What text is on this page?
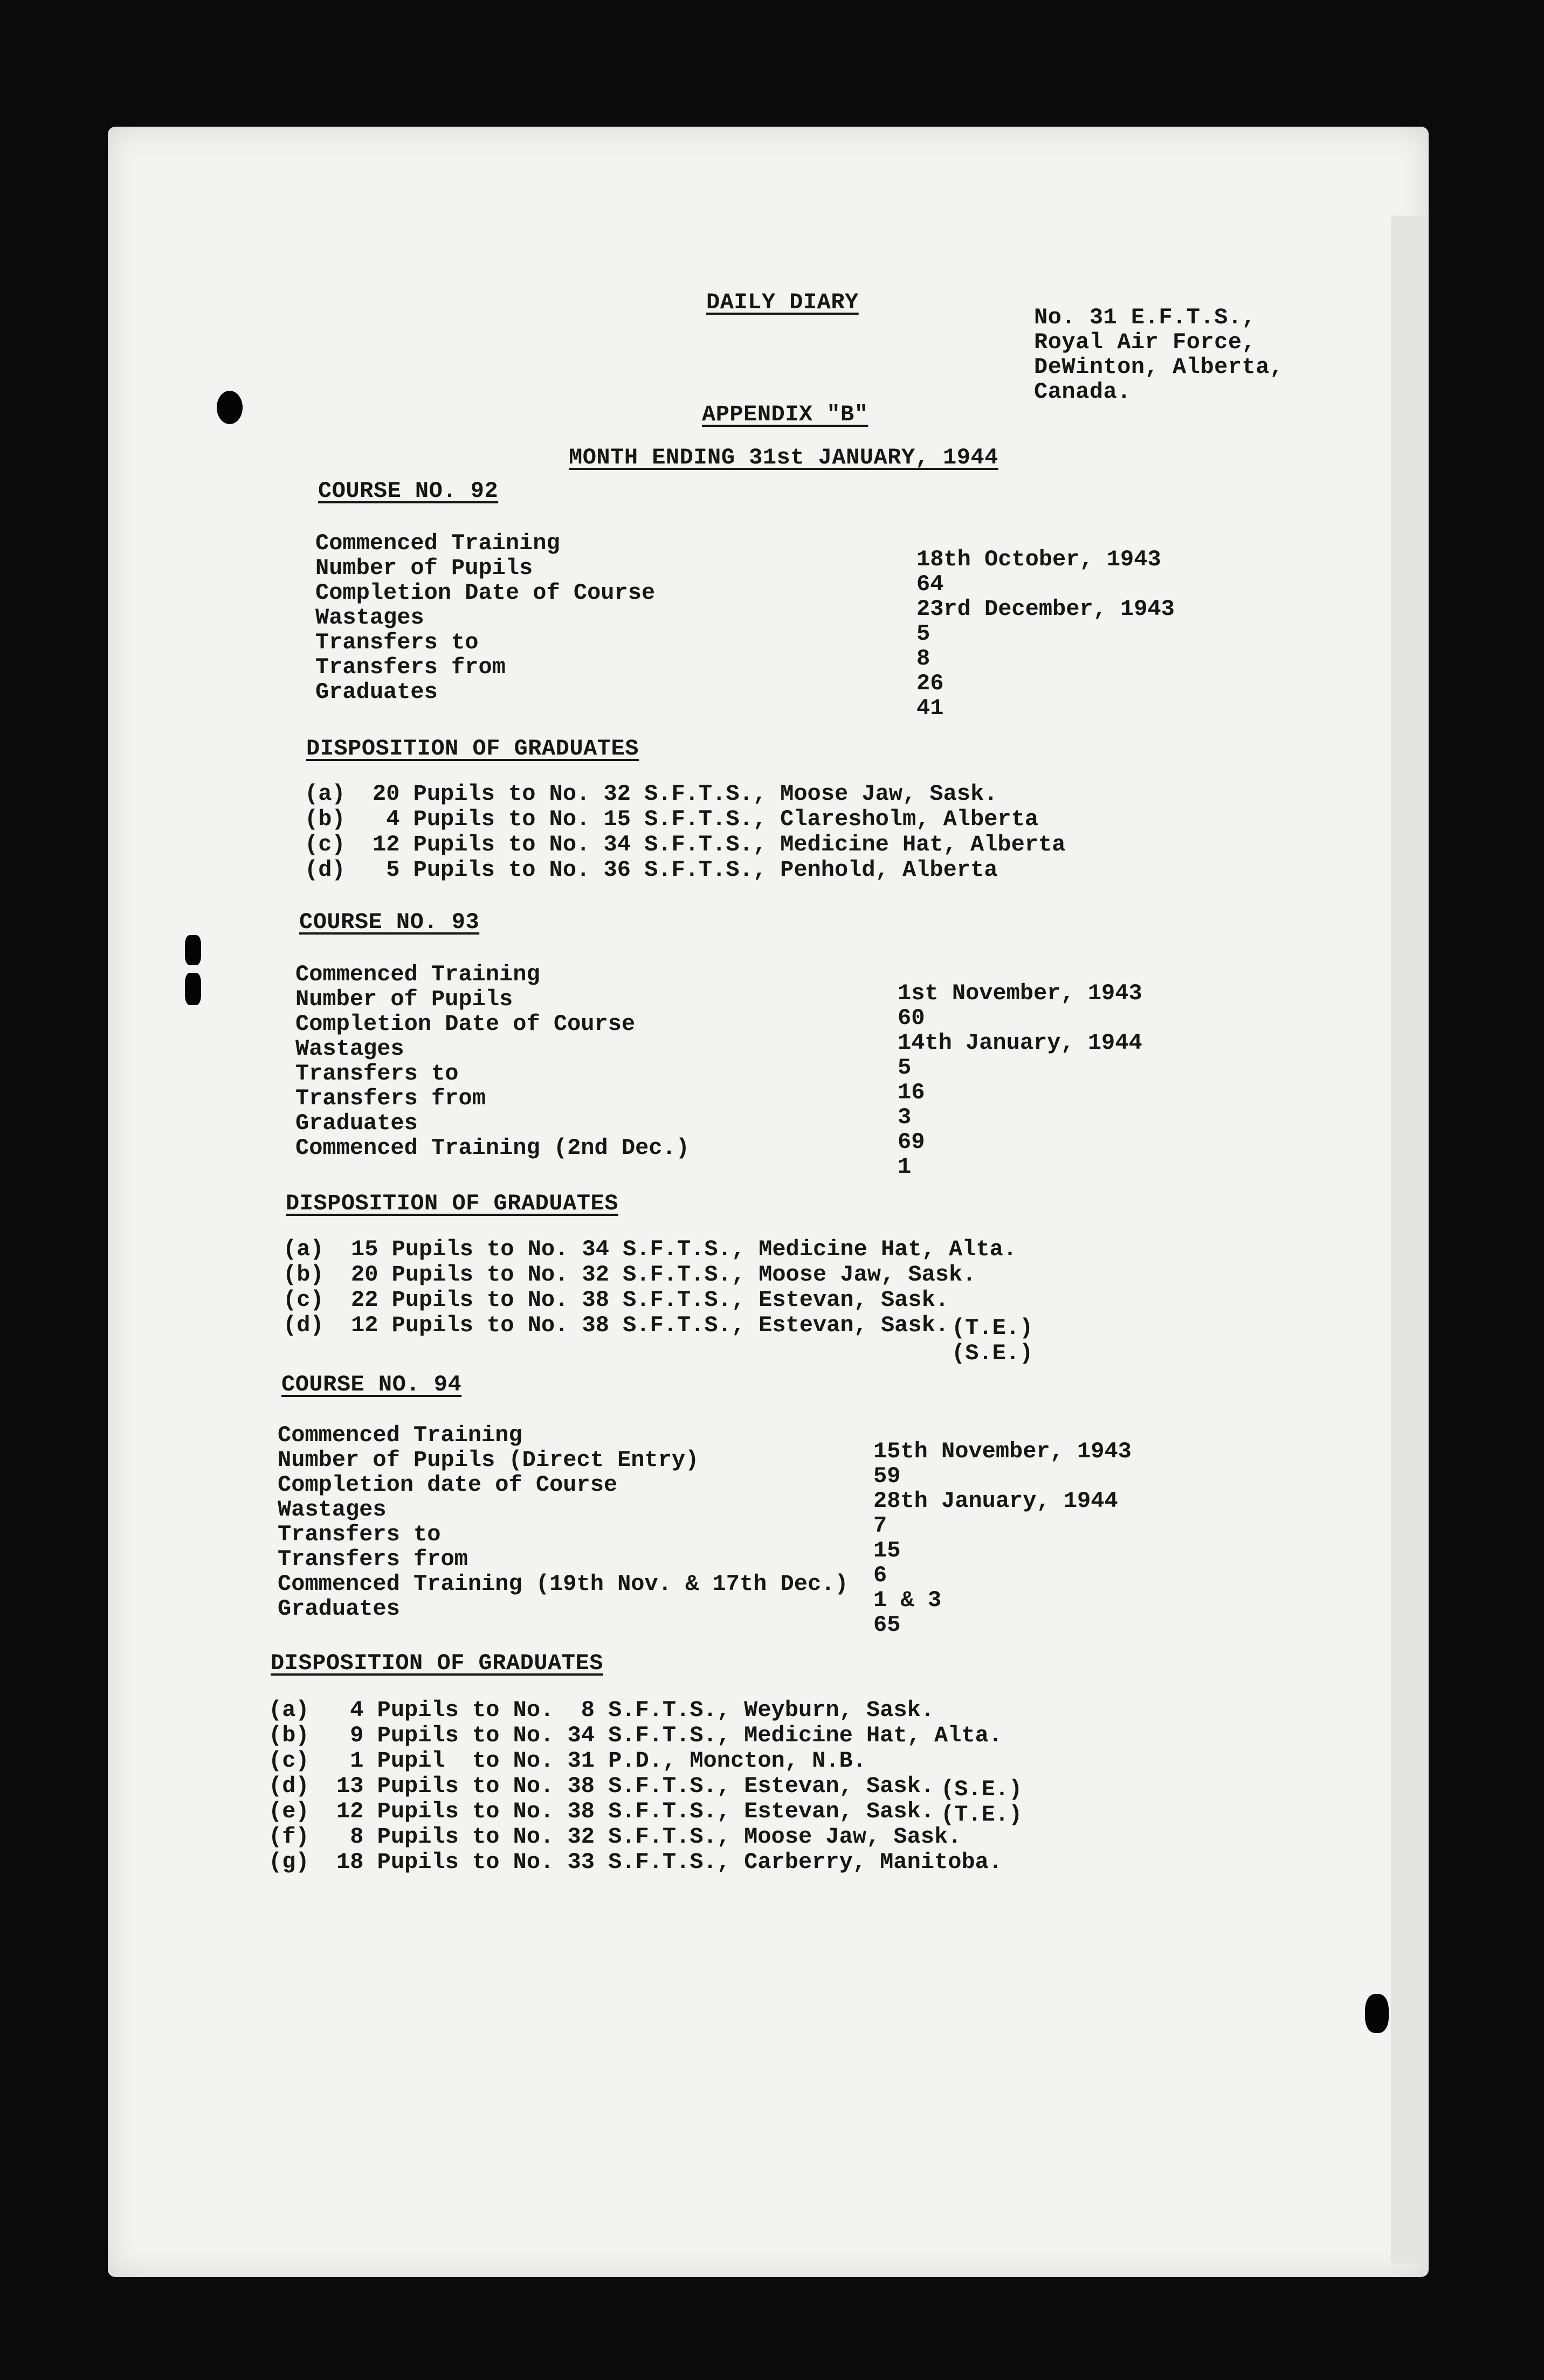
DAILY DIARY
No. 31 E.F.T.S.,
Royal Air Force,
DeWinton, Alberta,
Canada.
APPENDIX "B"
MONTH ENDING 31st JANUARY, 1944
COURSE NO. 92
Commenced Training
Number of Pupils
Completion Date of Course
Wastages
Transfers to
Transfers from
Graduates
18th October, 1943
64
23rd December, 1943
5
8
26
41
DISPOSITION OF GRADUATES
(a)  20 Pupils to No. 32 S.F.T.S., Moose Jaw, Sask.
(b)   4 Pupils to No. 15 S.F.T.S., Claresholm, Alberta
(c)  12 Pupils to No. 34 S.F.T.S., Medicine Hat, Alberta
(d)   5 Pupils to No. 36 S.F.T.S., Penhold, Alberta
COURSE NO. 93
Commenced Training
Number of Pupils
Completion Date of Course
Wastages
Transfers to
Transfers from
Graduates
Commenced Training (2nd Dec.)
1st November, 1943
60
14th January, 1944
5
16
3
69
1
DISPOSITION OF GRADUATES
(a)  15 Pupils to No. 34 S.F.T.S., Medicine Hat, Alta.
(b)  20 Pupils to No. 32 S.F.T.S., Moose Jaw, Sask.
(c)  22 Pupils to No. 38 S.F.T.S., Estevan, Sask.
(d)  12 Pupils to No. 38 S.F.T.S., Estevan, Sask. (T.E.)
(S.E.)
COURSE NO. 94
Commenced Training
Number of Pupils (Direct Entry)
Completion date of Course
Wastages
Transfers to
Transfers from
Commenced Training (19th Nov. & 17th Dec.)
Graduates
15th November, 1943
59
28th January, 1944
7
15
6
1 & 3
65
DISPOSITION OF GRADUATES
(a)   4 Pupils to No.  8 S.F.T.S., Weyburn, Sask.
(b)   9 Pupils to No. 34 S.F.T.S., Medicine Hat, Alta.
(c)   1 Pupil  to No. 31 P.D., Moncton, N.B.
(d)  13 Pupils to No. 38 S.F.T.S., Estevan, Sask.
(e)  12 Pupils to No. 38 S.F.T.S., Estevan, Sask.
(f)   8 Pupils to No. 32 S.F.T.S., Moose Jaw, Sask.
(g)  18 Pupils to No. 33 S.F.T.S., Carberry, Manitoba.
(S.E.)
(T.E.)
